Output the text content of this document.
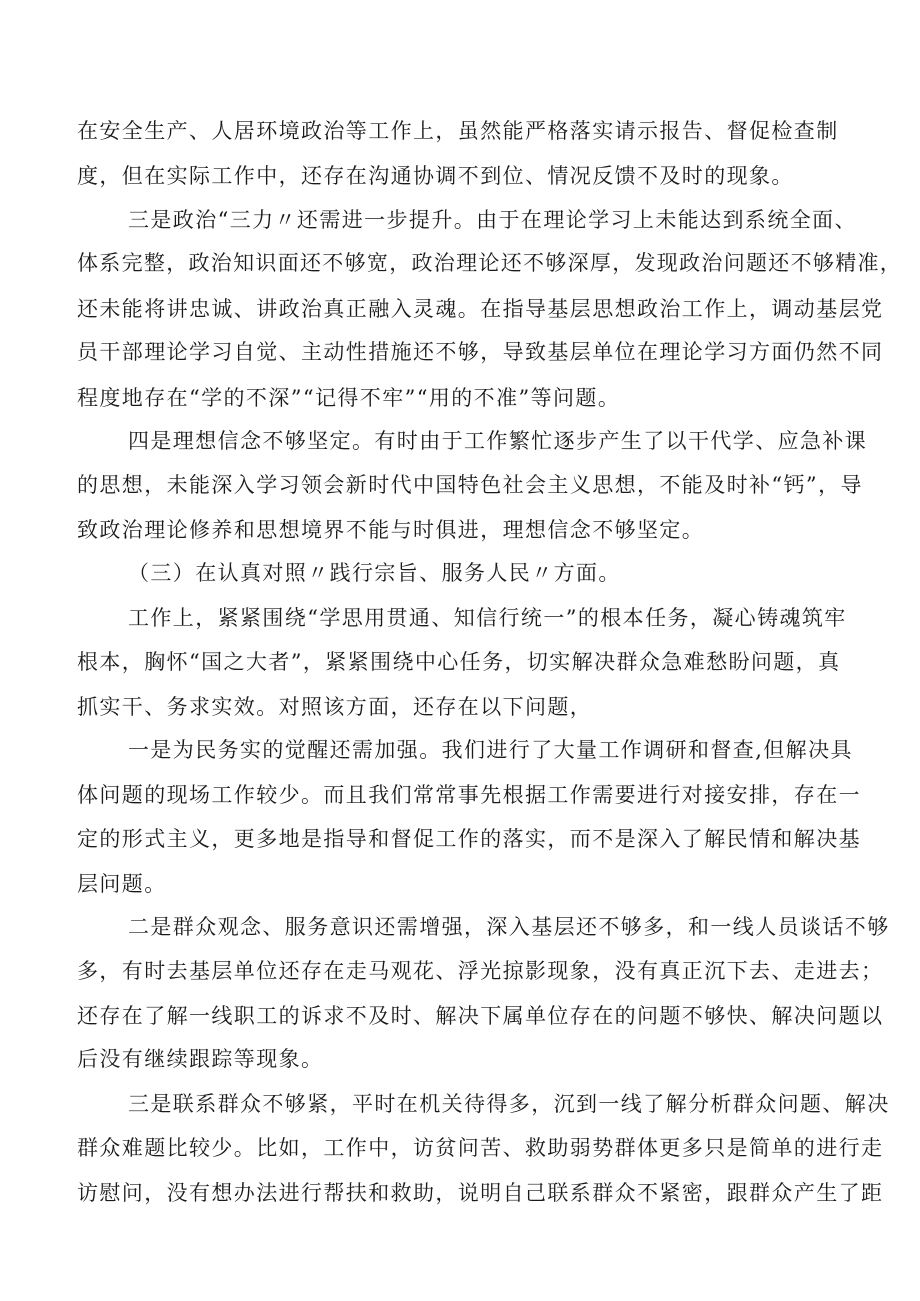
在安全生产、人居环境政治等工作上，虽然能严格落实请示报告、督促检查制

度，但在实际工作中，还存在沟通协调不到位、情况反馈不及时的现象。

三是政治“三力〃还需进一步提升。由于在理论学习上未能达到系统全面、

体系完整，政治知识面还不够宽，政治理论还不够深厚，发现政治问题还不够精准，

还未能将讲忠诚、讲政治真正融入灵魂。在指导基层思想政治工作上，调动基层党

员干部理论学习自觉、主动性措施还不够，导致基层单位在理论学习方面仍然不同

程度地存在“学的不深”“记得不牢”“用的不准”等问题。

四是理想信念不够坚定。有时由于工作繁忙逐步产生了以干代学、应急补课

的思想，未能深入学习领会新时代中国特色社会主义思想，不能及时补“钙”，导

致政治理论修养和思想境界不能与时俱进，理想信念不够坚定。

（三）在认真对照〃践行宗旨、服务人民〃方面。

工作上，紧紧围绕“学思用贯通、知信行统一”的根本任务，凝心铸魂筑牢

根本，胸怀“国之大者”，紧紧围绕中心任务，切实解决群众急难愁盼问题，真

抓实干、务求实效。对照该方面，还存在以下问题，

一是为民务实的觉醒还需加强。我们进行了大量工作调研和督查,但解决具

体问题的现场工作较少。而且我们常常事先根据工作需要进行对接安排，存在一

定的形式主义，更多地是指导和督促工作的落实，而不是深入了解民情和解决基

层问题。

二是群众观念、服务意识还需增强，深入基层还不够多，和一线人员谈话不够

多，有时去基层单位还存在走马观花、浮光掠影现象，没有真正沉下去、走进去；

还存在了解一线职工的诉求不及时、解决下属单位存在的问题不够快、解决问题以

后没有继续跟踪等现象。

三是联系群众不够紧，平时在机关待得多，沉到一线了解分析群众问题、解决

群众难题比较少。比如，工作中，访贫问苦、救助弱势群体更多只是简单的进行走

访慰问，没有想办法进行帮扶和救助，说明自己联系群众不紧密，跟群众产生了距
